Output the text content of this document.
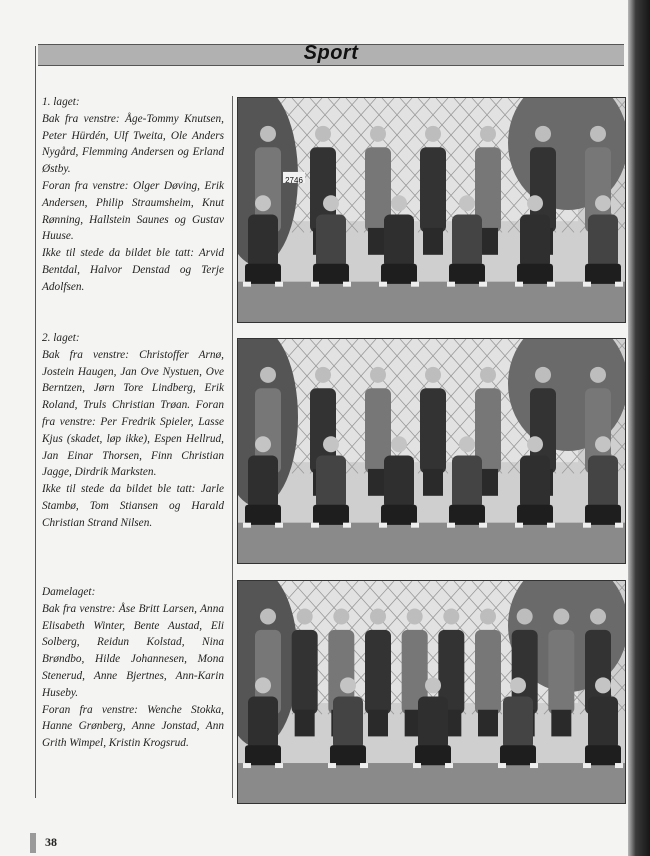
Sport

1. laget:

Bak fra venstre: Åge-Tommy Knutsen, Peter Hürdén, Ulf Tweita, Ole Anders Nygård, Flemming Andersen og Erland Østby.

Foran fra venstre: Olger Døving, Erik Andersen, Philip Straumsheim, Knut Rønning, Hallstein Saunes og Gustav Huuse.

Ikke til stede da bildet ble tatt: Arvid Bentdal, Halvor Denstad og Terje Adolfsen.

2. laget:

Bak fra venstre: Christoffer Arnø, Jostein Haugen, Jan Ove Nystuen, Ove Berntzen, Jørn Tore Lindberg, Erik Roland, Truls Christian Trøan. Foran fra venstre: Per Fredrik Spieler, Lasse Kjus (skadet, løp ikke), Espen Hellrud, Jan Einar Thorsen, Finn Christian Jagge, Dirdrik Marksten.

Ikke til stede da bildet ble tatt: Jarle Stambø, Tom Stiansen og Harald Christian Strand Nilsen.

Damelaget:

Bak fra venstre: Åse Britt Larsen, Anna Elisabeth Winter, Bente Austad, Eli Solberg, Reidun Kolstad, Nina Brøndbo, Hilde Johannesen, Mona Stenerud, Anne Bjertnes, Ann-Karin Huseby.

Foran fra venstre: Wenche Stokka, Hanne Grønberg, Anne Jonstad, Ann Grith Wimpel, Kristin Krogsrud.

2746
38
